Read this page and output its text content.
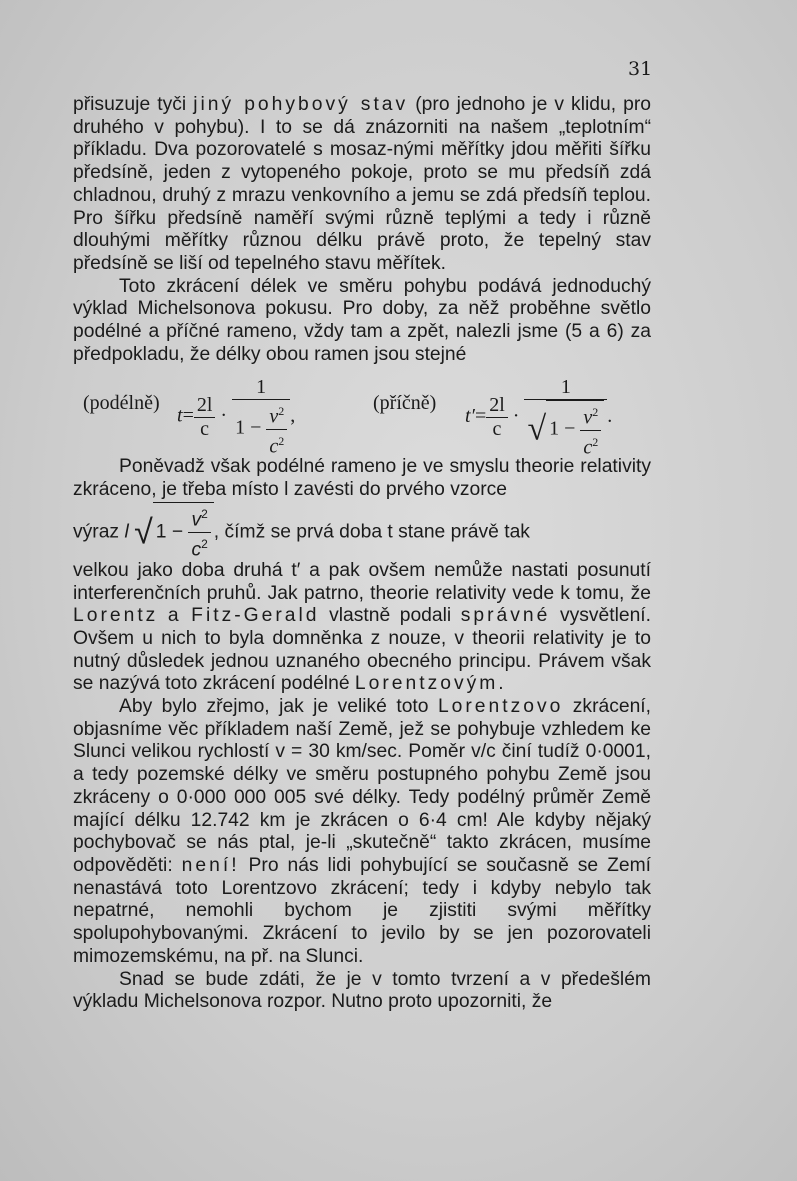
31

přisuzuje tyči jiný pohybový stav (pro jednoho je v klidu, pro druhého v pohybu). I to se dá znázorniti na našem „teplotním“ příkladu. Dva pozorovatelé s mosaz-nými měřítky jdou měřiti šířku předsíně, jeden z vytopeného pokoje, proto se mu předsíň zdá chladnou, druhý z mrazu venkovního a jemu se zdá předsíň teplou. Pro šířku předsíně naměří svými různě teplými a tedy i různě dlouhými měřítky různou délku právě proto, že tepelný stav předsíně se liší od tepelného stavu měřítek.

Toto zkrácení délek ve směru pohybu podává jednoduchý výklad Michelsonova pokusu. Pro doby, za něž proběhne světlo podélné a příčné rameno, vždy tam a zpět, nalezli jsme (5 a 6) za předpokladu, že délky obou ramen jsou stejné

(podélně)
$t= \frac{2l}{c} \cdot \frac{1}{1 - \frac{v^2}{c^2}}$ ,
(příčně)
$t'= \frac{2l}{c} \cdot \frac{1}{√ 1 - \frac{v^2}{c^2}}$ .

Poněvadž však podélné rameno je ve smyslu theorie relativity zkráceno, je třeba místo l zavésti do prvého vzorce

výraz l √ $1 - \frac{v^2}{c^2}$ , čímž se prvá doba t stane právě tak

velkou jako doba druhá t′ a pak ovšem nemůže nastati posunutí interferenčních pruhů. Jak patrno, theorie relativity vede k tomu, že Lorentz a Fitz-Gerald vlastně podali správné vysvětlení. Ovšem u nich to byla domněnka z nouze, v theorii relativity je to nutný důsledek jednou uznaného obecného principu. Právem však se nazývá toto zkrácení podélné Lorentzovým.

Aby bylo zřejmo, jak je veliké toto Lorentzovo zkrácení, objasníme věc příkladem naší Země, jež se pohybuje vzhledem ke Slunci velikou rychlostí v = 30 km/sec. Poměr v/c činí tudíž 0·0001, a tedy pozemské délky ve směru postupného pohybu Země jsou zkráceny o 0·000 000 005 své délky. Tedy podélný průměr Země mající délku 12.742 km je zkrácen o 6·4 cm! Ale kdyby nějaký pochybovač se nás ptal, je-li „skutečně“ takto zkrácen, musíme odpověděti: není! Pro nás lidi pohybující se současně se Zemí nenastává toto Lorentzovo zkrácení; tedy i kdyby nebylo tak nepatrné, nemohli bychom je zjistiti svými měřítky spolupohybovanými. Zkrácení to jevilo by se jen pozorovateli mimozemskému, na př. na Slunci.

Snad se bude zdáti, že je v tomto tvrzení a v předešlém výkladu Michelsonova rozpor. Nutno proto upozorniti, že
